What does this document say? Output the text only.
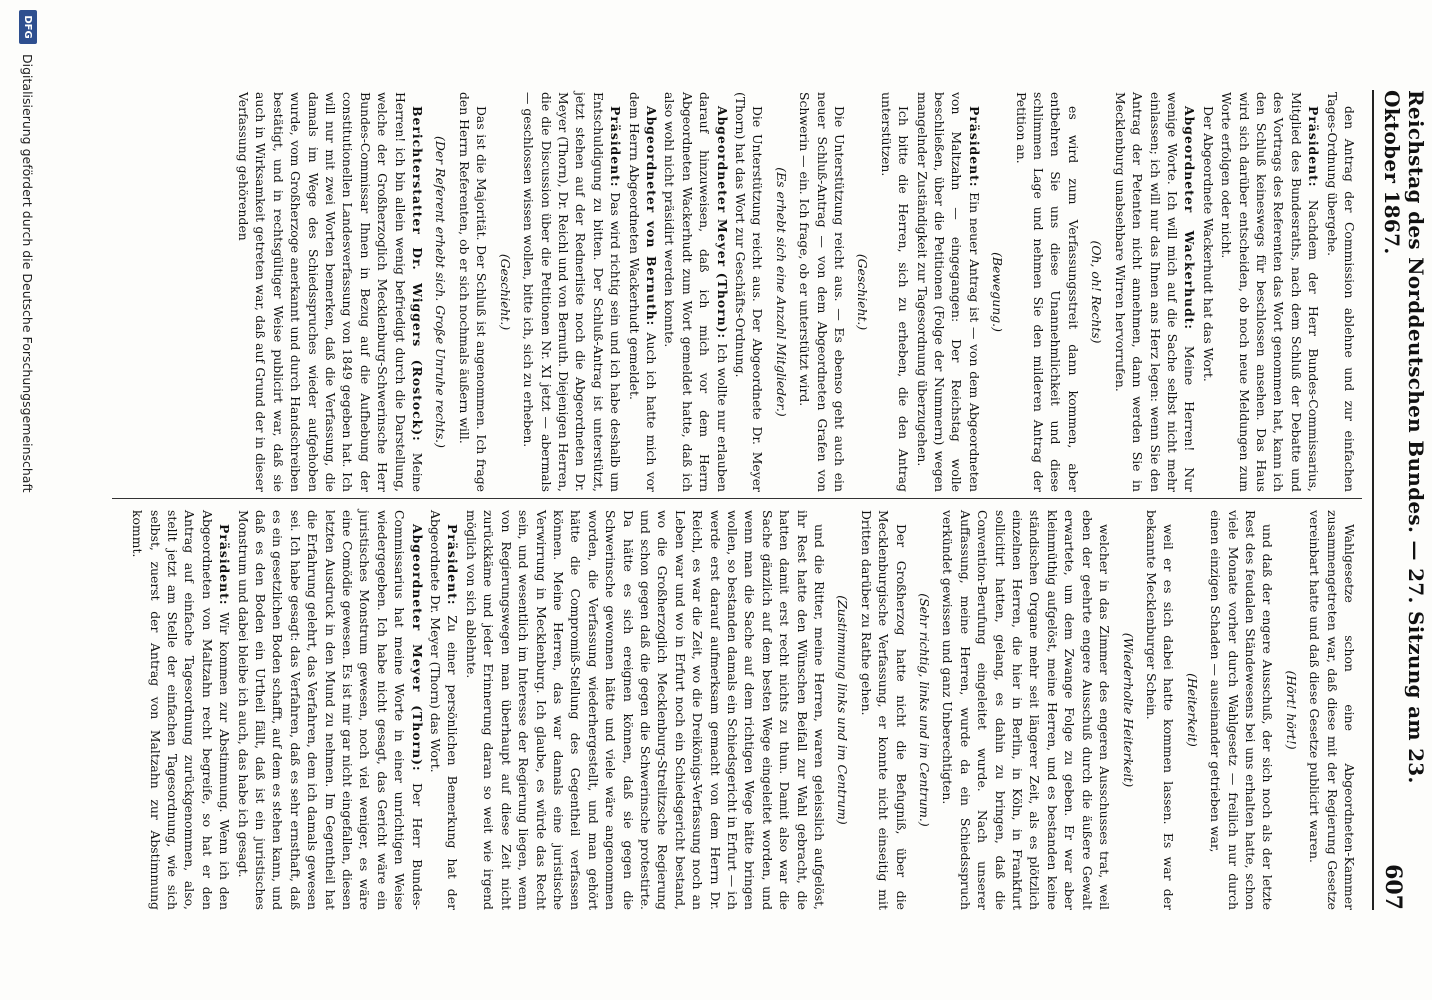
Reichstag des Norddeutschen Bundes. — 27. Sitzung am 23. Oktober 1867.
607

den Antrag der Commission ablehne und zur einfachen Tages-Ordnung übergehe.

Präsident: Nachdem der Herr Bundes-Commissarius, Mitglied des Bundesraths, nach dem Schluß der Debatte und des Vortrags des Referenten das Wort genommen hat, kann ich den Schluß keineswegs für beschlossen ansehen. Das Haus wird sich darüber entscheiden, ob noch neue Meldungen zum Worte erfolgen oder nicht.

Der Abgeordnete Wackerhudt hat das Wort.

Abgeordneter Wackerhudt: Meine Herren! Nur wenige Worte. Ich will mich auf die Sache selbst nicht mehr einlassen; ich will nur das Ihnen ans Herz legen: wenn Sie den Antrag der Petenten nicht annehmen, dann werden Sie in Mecklenburg unabsehbare Wirren hervorrufen.

(Oh, oh! Rechts)

es wird zum Verfassungsstreit dann kommen, aber entbehren Sie uns diese Unannehmlichkeit und diese schlimmen Lage und nehmen Sie den milderen Antrag der Petition an.

(Bewegung.)

Präsident: Ein neuer Antrag ist — von dem Abgeordneten von Maltzahn — eingegangen: Der Reichstag wolle beschließen, über die Petitionen (Folge der Nummern) wegen mangelnder Zuständigkeit zur Tagesordnung überzugehen.

Ich bitte die Herren, sich zu erheben, die den Antrag unterstützen.

(Geschieht.)

Die Unterstützung reicht aus. — Es ebenso geht auch ein neuer Schluß-Antrag — von dem Abgeordneten Grafen von Schwerin — ein. Ich frage, ob er unterstützt wird.

(Es erhebt sich eine Anzahl Mitglieder.)

Die Unterstützung reicht aus. Der Abgeordnete Dr. Meyer (Thorn) hat das Wort zur Geschäfts-Ordnung.

Abgeordneter Meyer (Thorn): Ich wollte nur erlauben darauf hinzuweisen, daß ich mich vor dem Herrn Abgeordneten Wackerhudt zum Wort gemeldet hatte, daß ich also wohl nicht präsidirt werden konnte.

Abgeordneter von Bernuth: Auch ich hatte mich vor dem Herrn Abgeordneten Wackerhudt gemeldet.

Präsident: Das wird richtig sein und ich habe deshalb um Entschuldigung zu bitten. Der Schluß-Antrag ist unterstützt, jetzt stehen auf der Rednerliste noch die Abgeordneten Dr. Meyer (Thorn), Dr. Reichl und von Bernuth. Diejenigen Herren, die die Discussion über die Petitionen Nr. XI jetzt — abermals — geschlossen wissen wollen, bitte ich, sich zu erheben.

(Geschieht.)

Das ist die Majorität. Der Schluß ist angenommen. Ich frage den Herrn Referenten, ob er sich nochmals äußern will.

(Der Referent erhebt sich. Große Unruhe rechts.)

Berichterstatter Dr. Wiggers (Rostock): Meine Herren! ich bin allein wenig befriedigt durch die Darstellung, welche der Großherzoglich Mecklenburg-Schwerinsche Herr Bundes-Commissar Ihnen in Bezug auf die Aufhebung der constitutionellen Landesverfassung von 1849 gegeben hat. Ich will nur mit zwei Worten bemerken, daß die Verfassung, die damals im Wege des Schiedsspruches wieder aufgehoben wurde, vom Großherzoge anerkannt und durch Handschreiben bestätigt, und in rechtsgültiger Weise publicirt war, daß sie auch in Wirksamkeit getreten war, daß auf Grund der in dieser Verfassung gehörenden

Wahlgesetze schon eine Abgeordneten-Kammer zusammengetreten war, daß diese mit der Regierung Gesetze vereinbart hatte und daß diese Gesetze publicirt waren.

(Hört! hört!)

und daß der engere Ausschuß, der sich noch als der letzte Rest des feudalen Ständewesens bei uns erhalten hatte, schon viele Monate vorher durch Wahlgesetz — freilich nur durch einen einzigen Schaden — auseinander getrieben war,

(Heiterkeit)

weil er es sich dabei hatte kommen lassen. Es war der bekannte Mecklenburger Schein.

(Wiederholte Heiterkeit)

welcher in das Zimmer des engeren Ausschusses trat, weil eben der geehrte engere Ausschuß durch die äußere Gewalt erwartete, um dem Zwange Folge zu geben. Er war aber kleinmüthig aufgelöst, meine Herren, und es bestanden keine ständischen Organe mehr seit längerer Zeit, als es plötzlich einzelnen Herren, die hier in Berlin, in Köln, in Frankfurt sollicitirt hatten, gelang, es dahin zu bringen, daß die Convention-Berufung eingeleitet wurde. Nach unserer Auffassung, meine Herren, wurde da ein Schiedsspruch verkündet gewissen und ganz Unberechtigten.

(Sehr richtig, links und im Centrum.)

Der Großherzog hatte nicht die Befugniß, über die Mecklenburgische Verfassung, er konnte nicht einseitig mit Dritten darüber zu Rathe gehen.

(Zustimmung links und im Centrum)

und die Ritter, meine Herren, waren geleisslich aufgelöst, ihr Rest hatte den Wünschen Beifall zur Wahl gebracht, die hatten damit erst recht nichts zu thun. Damit also war die Sache gänzlich auf dem besten Wege eingeleitet worden, und wenn man die Sache auf dem richtigen Wege hätte bringen wollen, so bestanden damals ein Schiedsgericht in Erfurt — ich werde erst darauf aufmerksam gemacht von dem Herrn Dr. Reichl, es war die Zeit, wo die Dreikönigs-Verfassung noch an Leben war und wo in Erfurt noch ein Schiedsgericht bestand, wo die Großherzoglich Mecklenburg-Strelitzsche Regierung und schon gegen daß die gegen die Schwerinsche protestirte. Da hätte es sich ereignen können, daß sie gegen die Schwerinsche gewonnen hätte und viele wäre angenommen worden, die Verfassung wiederhergestellt, und man gehört hätte die Compromiß-Stellung des Gegentheil verfassen können. Meine Herren, das war damals eine juristische Verwirrung in Mecklenburg. Ich glaube, es würde das Recht sein, und wesentlich im Interesse der Regierung liegen, wenn von Regierungswegen man überhaupt auf diese Zeit nicht zurückkäme und jeder Erinnerung daran so weit wie irgend möglich von sich ablehnte.

Präsident: Zu einer persönlichen Bemerkung hat der Abgeordnete Dr. Meyer (Thorn) das Wort.

Abgeordneter Meyer (Thorn): Der Herr Bundes-Commissarius hat meine Worte in einer unrichtigen Weise wiedergegeben. Ich habe nicht gesagt, das Gericht wäre ein juristisches Monstrum gewesen, noch viel weniger, es wäre eine Comödie gewesen. Es ist mir gar nicht eingefallen, diesen letzten Ausdruck in den Mund zu nehmen. Im Gegentheil hat die Erfahrung gelehrt, das Verfahren, dem ich damals gewesen sei. Ich habe gesagt: das Verfahren, daß es sehr ernsthaft, daß es ein gesetzlichen Boden schafft, auf dem es stehen kann, und daß es den Boden ein Urtheil fällt, daß ist ein juristisches Monstrum und dabei bleibe ich auch, das habe ich gesagt.

Präsident: Wir kommen zur Abstimmung. Wenn ich den Abgeordneten von Maltzahn recht begreife, so hat er den Antrag auf einfache Tagesordnung zurückgenommen, also, stellt jetzt am Stelle der einfachen Tagesordnung, wie sich selbst, zuerst der Antrag von Maltzahn zur Abstimmung kommt.

DFG
Digitalisierung gefördert durch die Deutsche Forschungsgemeinschaft
